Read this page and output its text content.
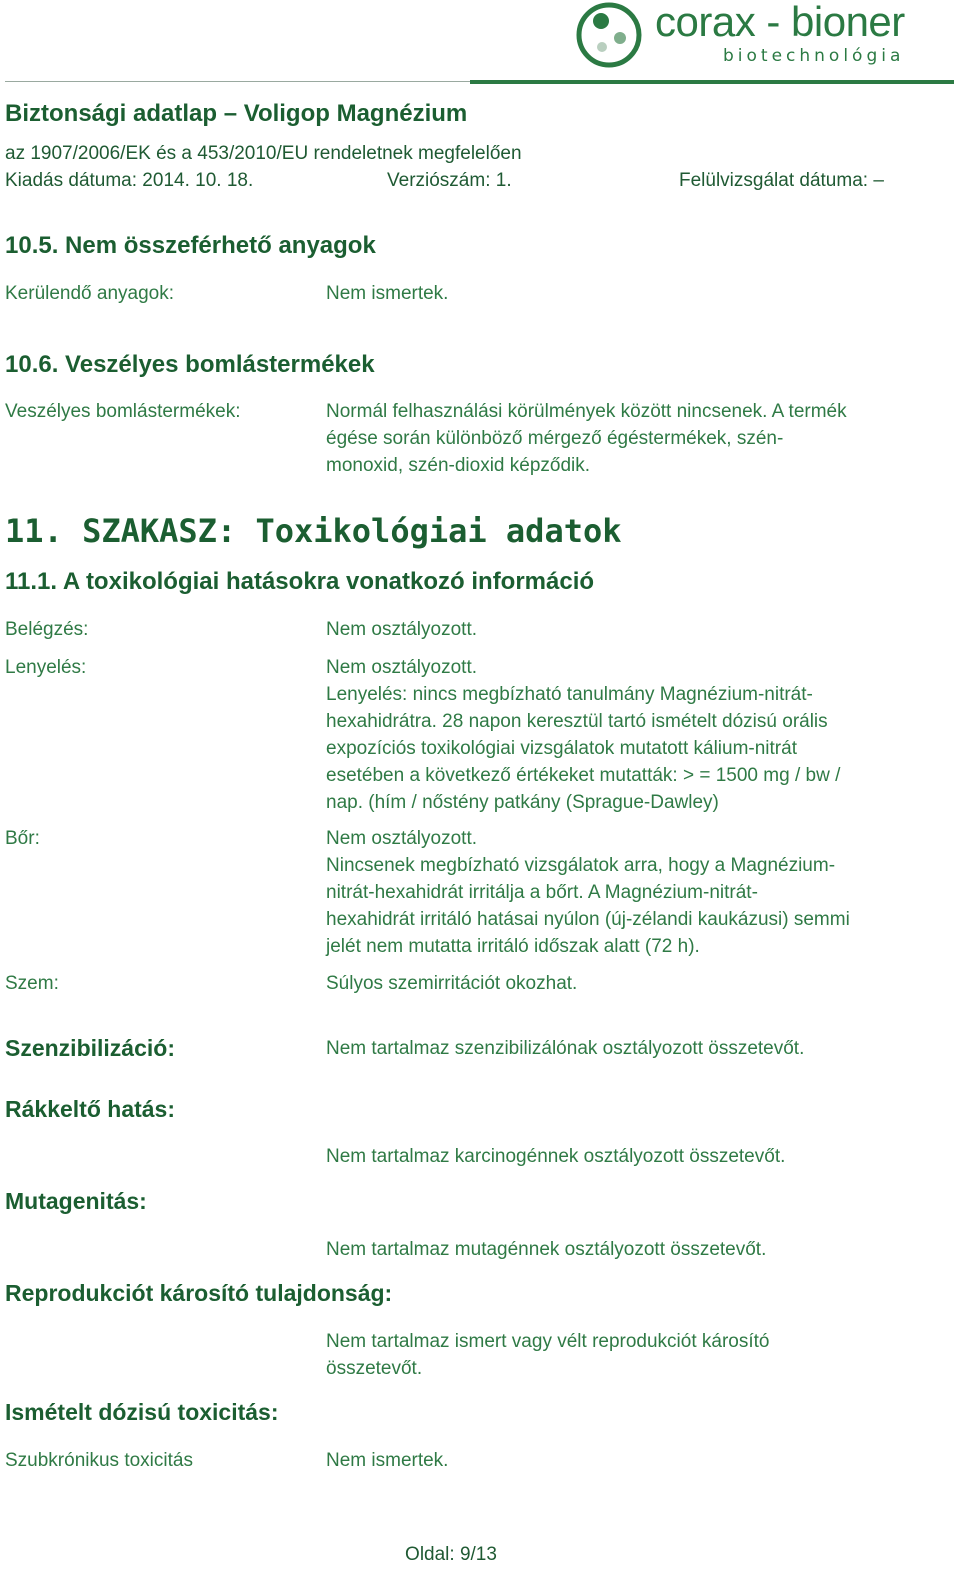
corax - bioner
biotechnológia
Biztonsági adatlap – Voligop Magnézium
az 1907/2006/EK és a 453/2010/EU rendeletnek megfelelően
Kiadás dátuma: 2014. 10. 18.	Verziószám: 1.	Felülvizsgálat dátuma: –
10.5. Nem összeférhető anyagok
Kerülendő anyagok:	Nem ismertek.
10.6. Veszélyes bomlástermékek
Veszélyes bomlástermékek:	Normál felhasználási körülmények között nincsenek. A termék
égése során különböző mérgező égéstermékek, szén-
monoxid, szén-dioxid képződik.
11. SZAKASZ: Toxikológiai adatok
11.1. A toxikológiai hatásokra vonatkozó információ
Belégzés:	Nem osztályozott.
Lenyelés:	Nem osztályozott.
Lenyelés: nincs megbízható tanulmány Magnézium-nitrát-
hexahidrátra. 28 napon keresztül tartó ismételt dózisú orális
expozíciós toxikológiai vizsgálatok mutatott kálium-nitrát
esetében a következő értékeket mutatták: > = 1500 mg / bw /
nap. (hím / nőstény patkány (Sprague-Dawley)
Bőr:	Nem osztályozott.
Nincsenek megbízható vizsgálatok arra, hogy a Magnézium-
nitrát-hexahidrát irritálja a bőrt. A Magnézium-nitrát-
hexahidrát irritáló hatásai nyúlon (új-zélandi kaukázusi) semmi
jelét nem mutatta irritáló időszak alatt (72 h).
Szem:	Súlyos szemirritációt okozhat.
Szenzibilizáció:	Nem tartalmaz szenzibilizálónak osztályozott összetevőt.
Rákkeltő hatás:
Nem tartalmaz karcinogénnek osztályozott összetevőt.
Mutagenitás:
Nem tartalmaz mutagénnek osztályozott összetevőt.
Reprodukciót károsító tulajdonság:
Nem tartalmaz ismert vagy vélt reprodukciót károsító
összetevőt.
Ismételt dózisú toxicitás:
Szubkrónikus toxicitás	Nem ismertek.
Oldal: 9/13
